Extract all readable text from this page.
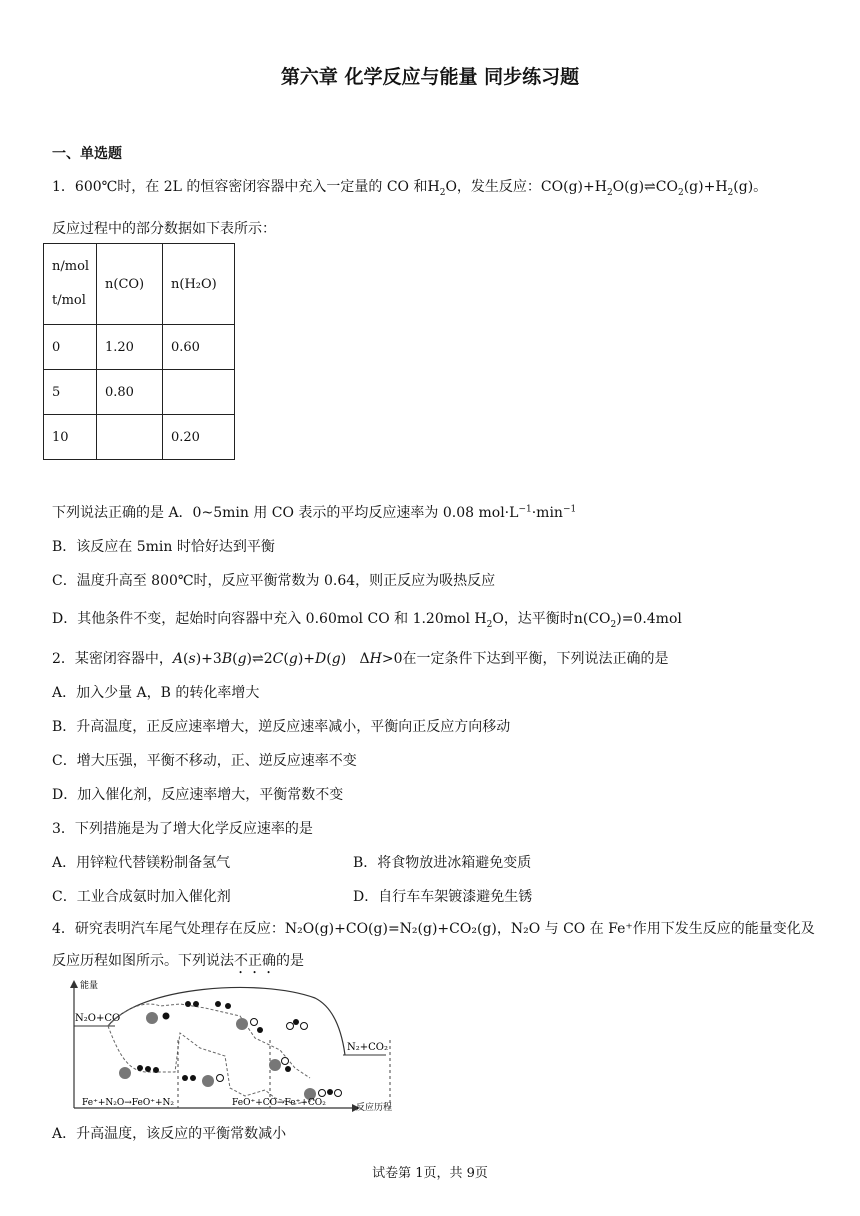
第六章 化学反应与能量 同步练习题
一、单选题
1．600℃时，在 2L 的恒容密闭容器中充入一定量的 CO 和$H_2O$，发生反应：$CO(g)+H_2O(g)\rightleftharpoons CO_2(g)+H_2(g)$。
反应过程中的部分数据如下表所示：
n/mol
t/mol	n(CO)	n(H₂O)
0	1.20	0.60
5	0.80	
10		0.20
下列说法正确的是 A．0~5min 用 CO 表示的平均反应速率为 0.08 $mol\cdot L^{-1}\cdot\min^{-1}$
B．该反应在 5min 时恰好达到平衡
C．温度升高至 800℃时，反应平衡常数为 0.64，则正反应为吸热反应
D．其他条件不变，起始时向容器中充入 0.60mol CO 和 1.20mol $H_2O$，达平衡时$n(CO_2)=0.4mol$
2．某密闭容器中，A(s)+3B(g)⇌2C(g)+D(g)   ΔH>0在一定条件下达到平衡，下列说法正确的是
A．加入少量 A，B 的转化率增大
B．升高温度，正反应速率增大，逆反应速率减小，平衡向正反应方向移动
C．增大压强，平衡不移动，正、逆反应速率不变
D．加入催化剂，反应速率增大，平衡常数不变
3．下列措施是为了增大化学反应速率的是
A．用锌粒代替镁粉制备氢气	B．将食物放进冰箱避免变质
C．工业合成氨时加入催化剂	D．自行车车架镀漆避免生锈
4．研究表明汽车尾气处理存在反应：N₂O(g)+CO(g)=N₂(g)+CO₂(g)，N₂O 与 CO 在 Fe⁺作用下发生反应的能量变化及
反应历程如图所示。下列说法不正确的是
能量
反应历程
N₂O+CO
N₂+CO₂
Fe⁺+N₂O→FeO⁺+N₂	FeO⁺+CO→Fe⁺+CO₂
A．升高温度，该反应的平衡常数减小
试卷第 1页，共 9页
